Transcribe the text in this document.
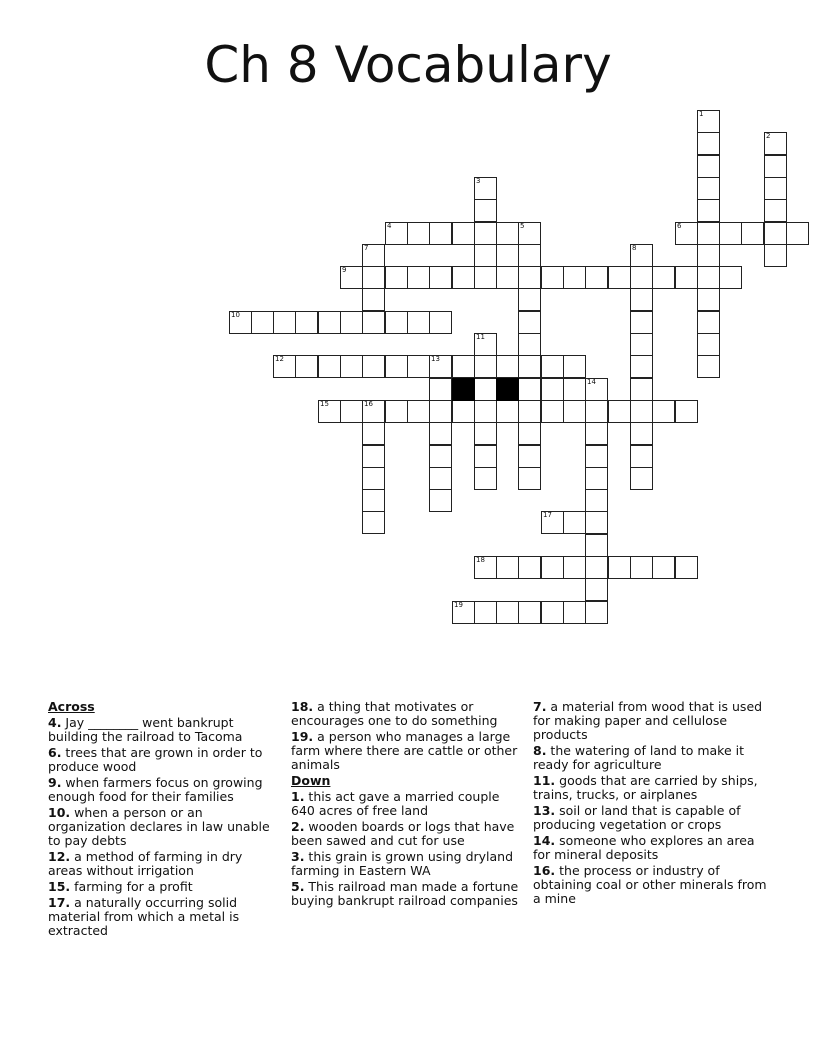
Ch 8 Vocabulary
4	6
7
9
10
12	13
15	16
17
18
19
1
2
3
5
8
11
14
Across
4. Jay ________ went bankrupt building the railroad to Tacoma
6. trees that are grown in order to produce wood
9. when farmers focus on growing enough food for their families
10. when a person or an organization declares in law unable to pay debts
12. a method of farming in dry areas without irrigation
15. farming for a profit
17. a naturally occurring solid material from which a metal is extracted
18. a thing that motivates or encourages one to do something
19. a person who manages a large farm where there are cattle or other animals
Down
1. this act gave a married couple 640 acres of free land
2. wooden boards or logs that have been sawed and cut for use
3. this grain is grown using dryland farming in Eastern WA
5. This railroad man made a fortune buying bankrupt railroad companies
7. a material from wood that is used for making paper and cellulose products
8. the watering of land to make it ready for agriculture
11. goods that are carried by ships, trains, trucks, or airplanes
13. soil or land that is capable of producing vegetation or crops
14. someone who explores an area for mineral deposits
16. the process or industry of obtaining coal or other minerals from a mine
